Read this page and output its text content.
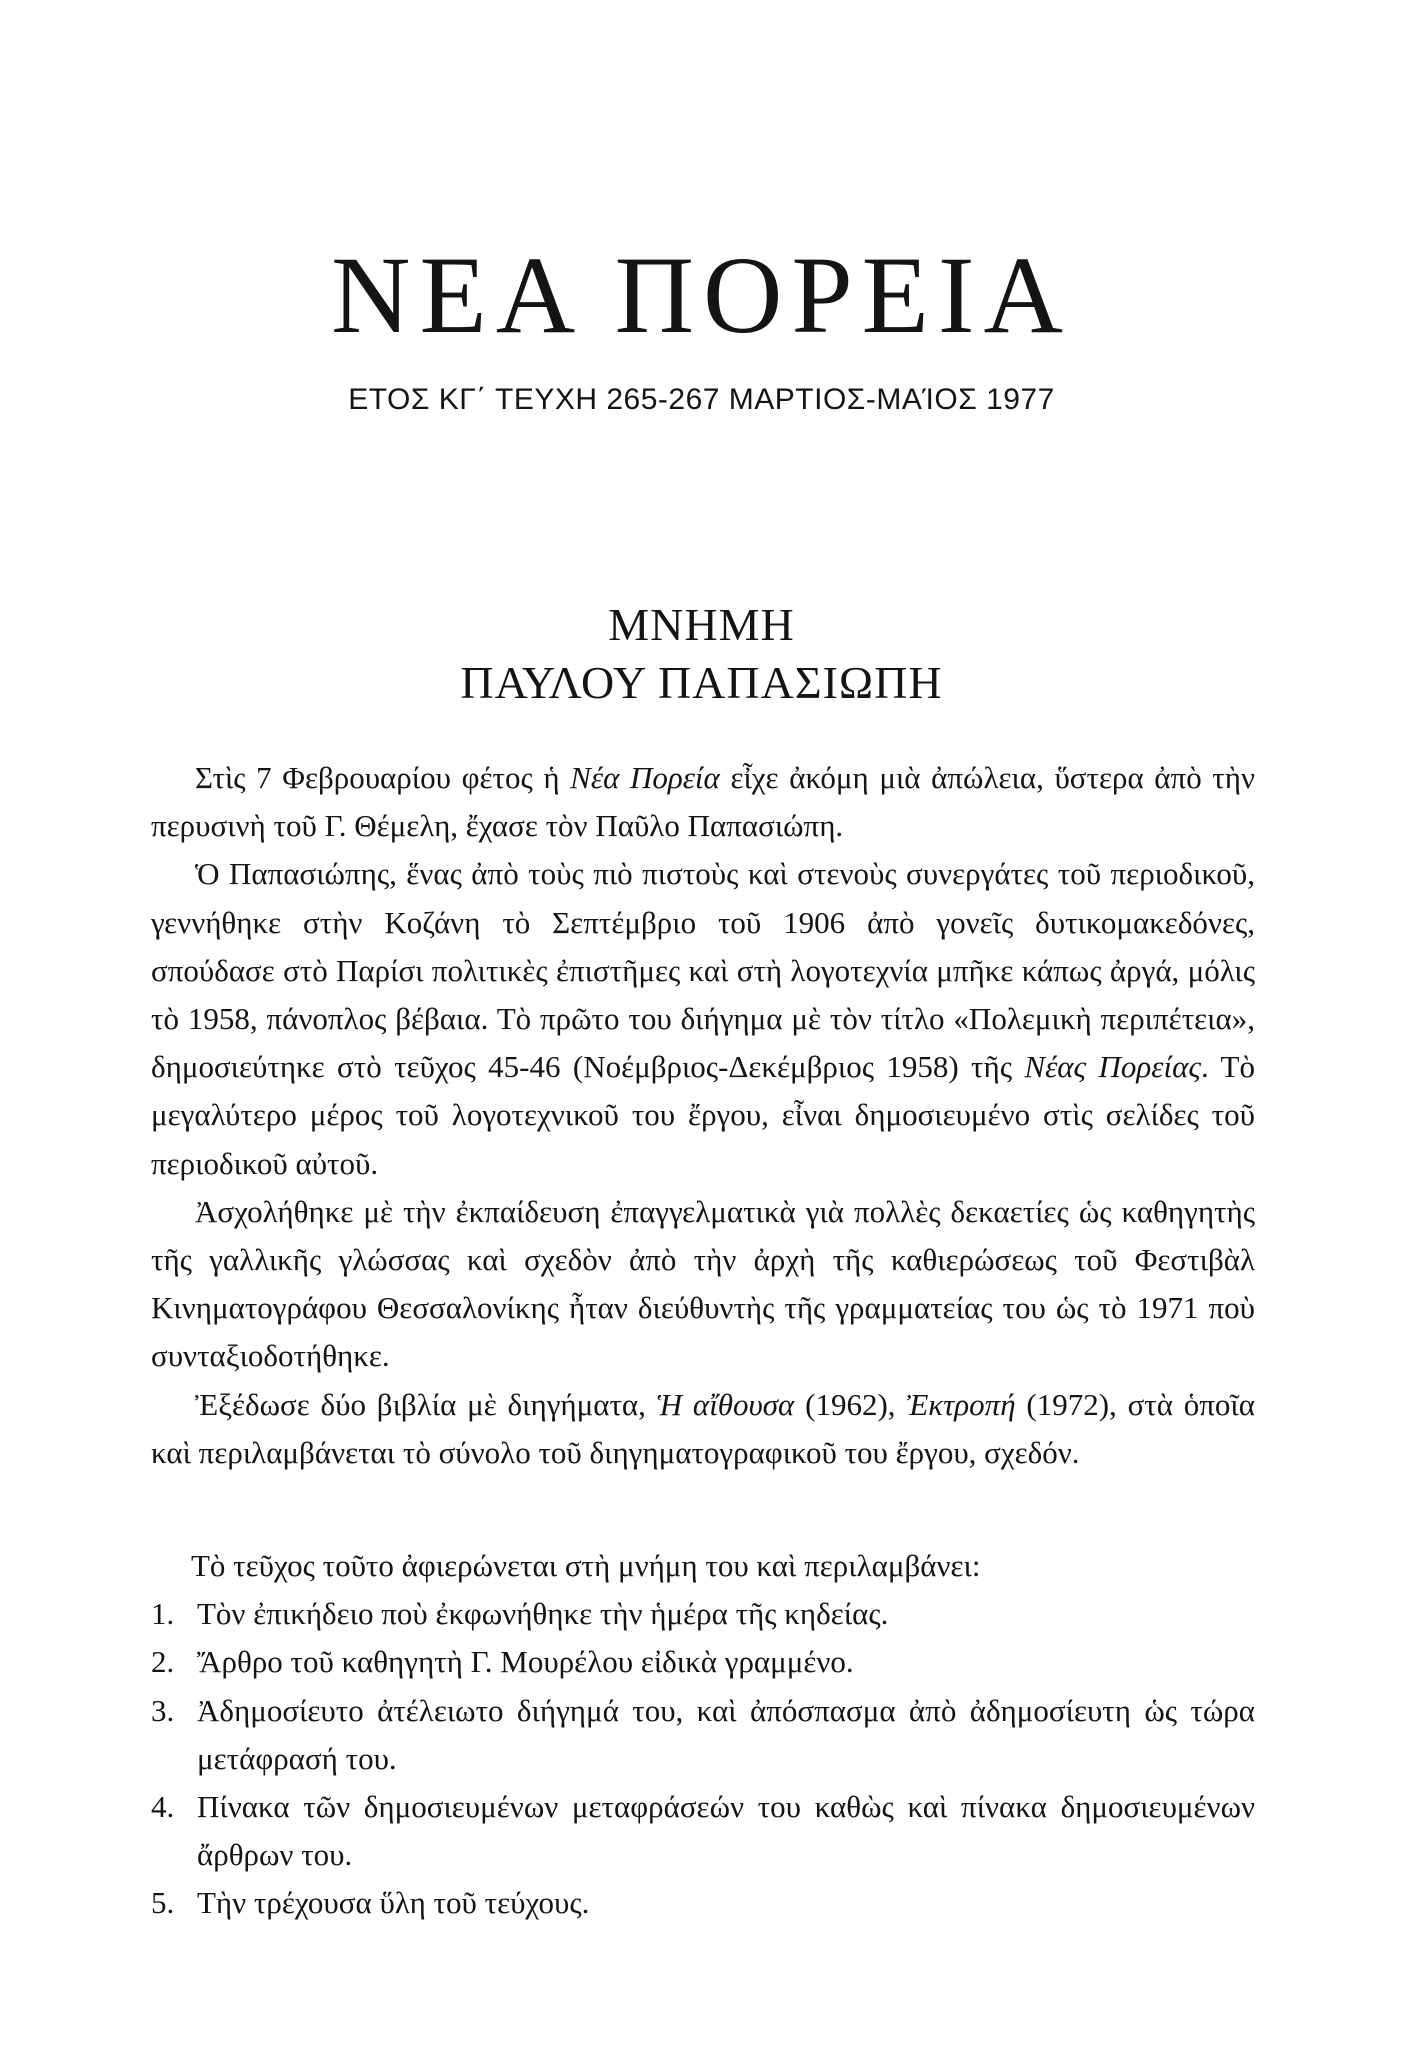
ΝΕΑ ΠΟΡΕΙΑ
ΕΤΟΣ ΚΓ΄ ΤΕΥΧΗ 265-267 ΜΑΡΤΙΟΣ-ΜΑΊΟΣ 1977
ΜΝΗΜΗ
ΠΑΥΛΟΥ ΠΑΠΑΣΙΩΠΗ

Στὶς 7 Φεβρουαρίου φέτος ἡ Νέα Πορεία εἶχε ἀκόμη μιὰ ἀπώλεια, ὕστερα ἀπὸ τὴν περυσινὴ τοῦ Γ. Θέμελη, ἔχασε τὸν Παῦλο Παπασιώπη.

Ὁ Παπασιώπης, ἕνας ἀπὸ τοὺς πιὸ πιστοὺς καὶ στενοὺς συνεργάτες τοῦ περιοδικοῦ, γεννήθηκε στὴν Κοζάνη τὸ Σεπτέμβριο τοῦ 1906 ἀπὸ γονεῖς δυτικομακεδόνες, σπούδασε στὸ Παρίσι πολιτικὲς ἐπιστῆμες καὶ στὴ λογοτεχνία μπῆκε κάπως ἀργά, μόλις τὸ 1958, πάνοπλος βέβαια. Τὸ πρῶτο του διήγημα μὲ τὸν τίτλο «Πολεμικὴ περιπέτεια», δημοσιεύτηκε στὸ τεῦχος 45-46 (Νοέμβριος-Δεκέμβριος 1958) τῆς Νέας Πορείας. Τὸ μεγαλύτερο μέρος τοῦ λογοτεχνικοῦ του ἔργου, εἶναι δημοσιευμένο στὶς σελίδες τοῦ περιοδικοῦ αὐτοῦ.

Ἀσχολήθηκε μὲ τὴν ἐκπαίδευση ἐπαγγελματικὰ γιὰ πολλὲς δεκαετίες ὡς καθηγητὴς τῆς γαλλικῆς γλώσσας καὶ σχεδὸν ἀπὸ τὴν ἀρχὴ τῆς καθιερώσεως τοῦ Φεστιβὰλ Κινηματογράφου Θεσσαλονίκης ἦταν διεύθυντὴς τῆς γραμματείας του ὡς τὸ 1971 ποὺ συνταξιοδοτήθηκε.

Ἐξέδωσε δύο βιβλία μὲ διηγήματα, Ἡ αἴθουσα (1962), Ἐκτροπή (1972), στὰ ὁποῖα καὶ περιλαμβάνεται τὸ σύνολο τοῦ διηγηματογραφικοῦ του ἔργου, σχεδόν.

Τὸ τεῦχος τοῦτο ἀφιερώνεται στὴ μνήμη του καὶ περιλαμβάνει:

1. Τὸν ἐπικήδειο ποὺ ἐκφωνήθηκε τὴν ἡμέρα τῆς κηδείας.
2. Ἄρθρο τοῦ καθηγητὴ Γ. Μουρέλου εἰδικὰ γραμμένο.
3. Ἀδημοσίευτο ἀτέλειωτο διήγημά του, καὶ ἀπόσπασμα ἀπὸ ἀδημοσίευτη ὡς τώρα μετάφρασή του.
4. Πίνακα τῶν δημοσιευμένων μεταφράσεών του καθὼς καὶ πίνακα δημοσιευμένων ἄρθρων του.
5. Τὴν τρέχουσα ὕλη τοῦ τεύχους.
